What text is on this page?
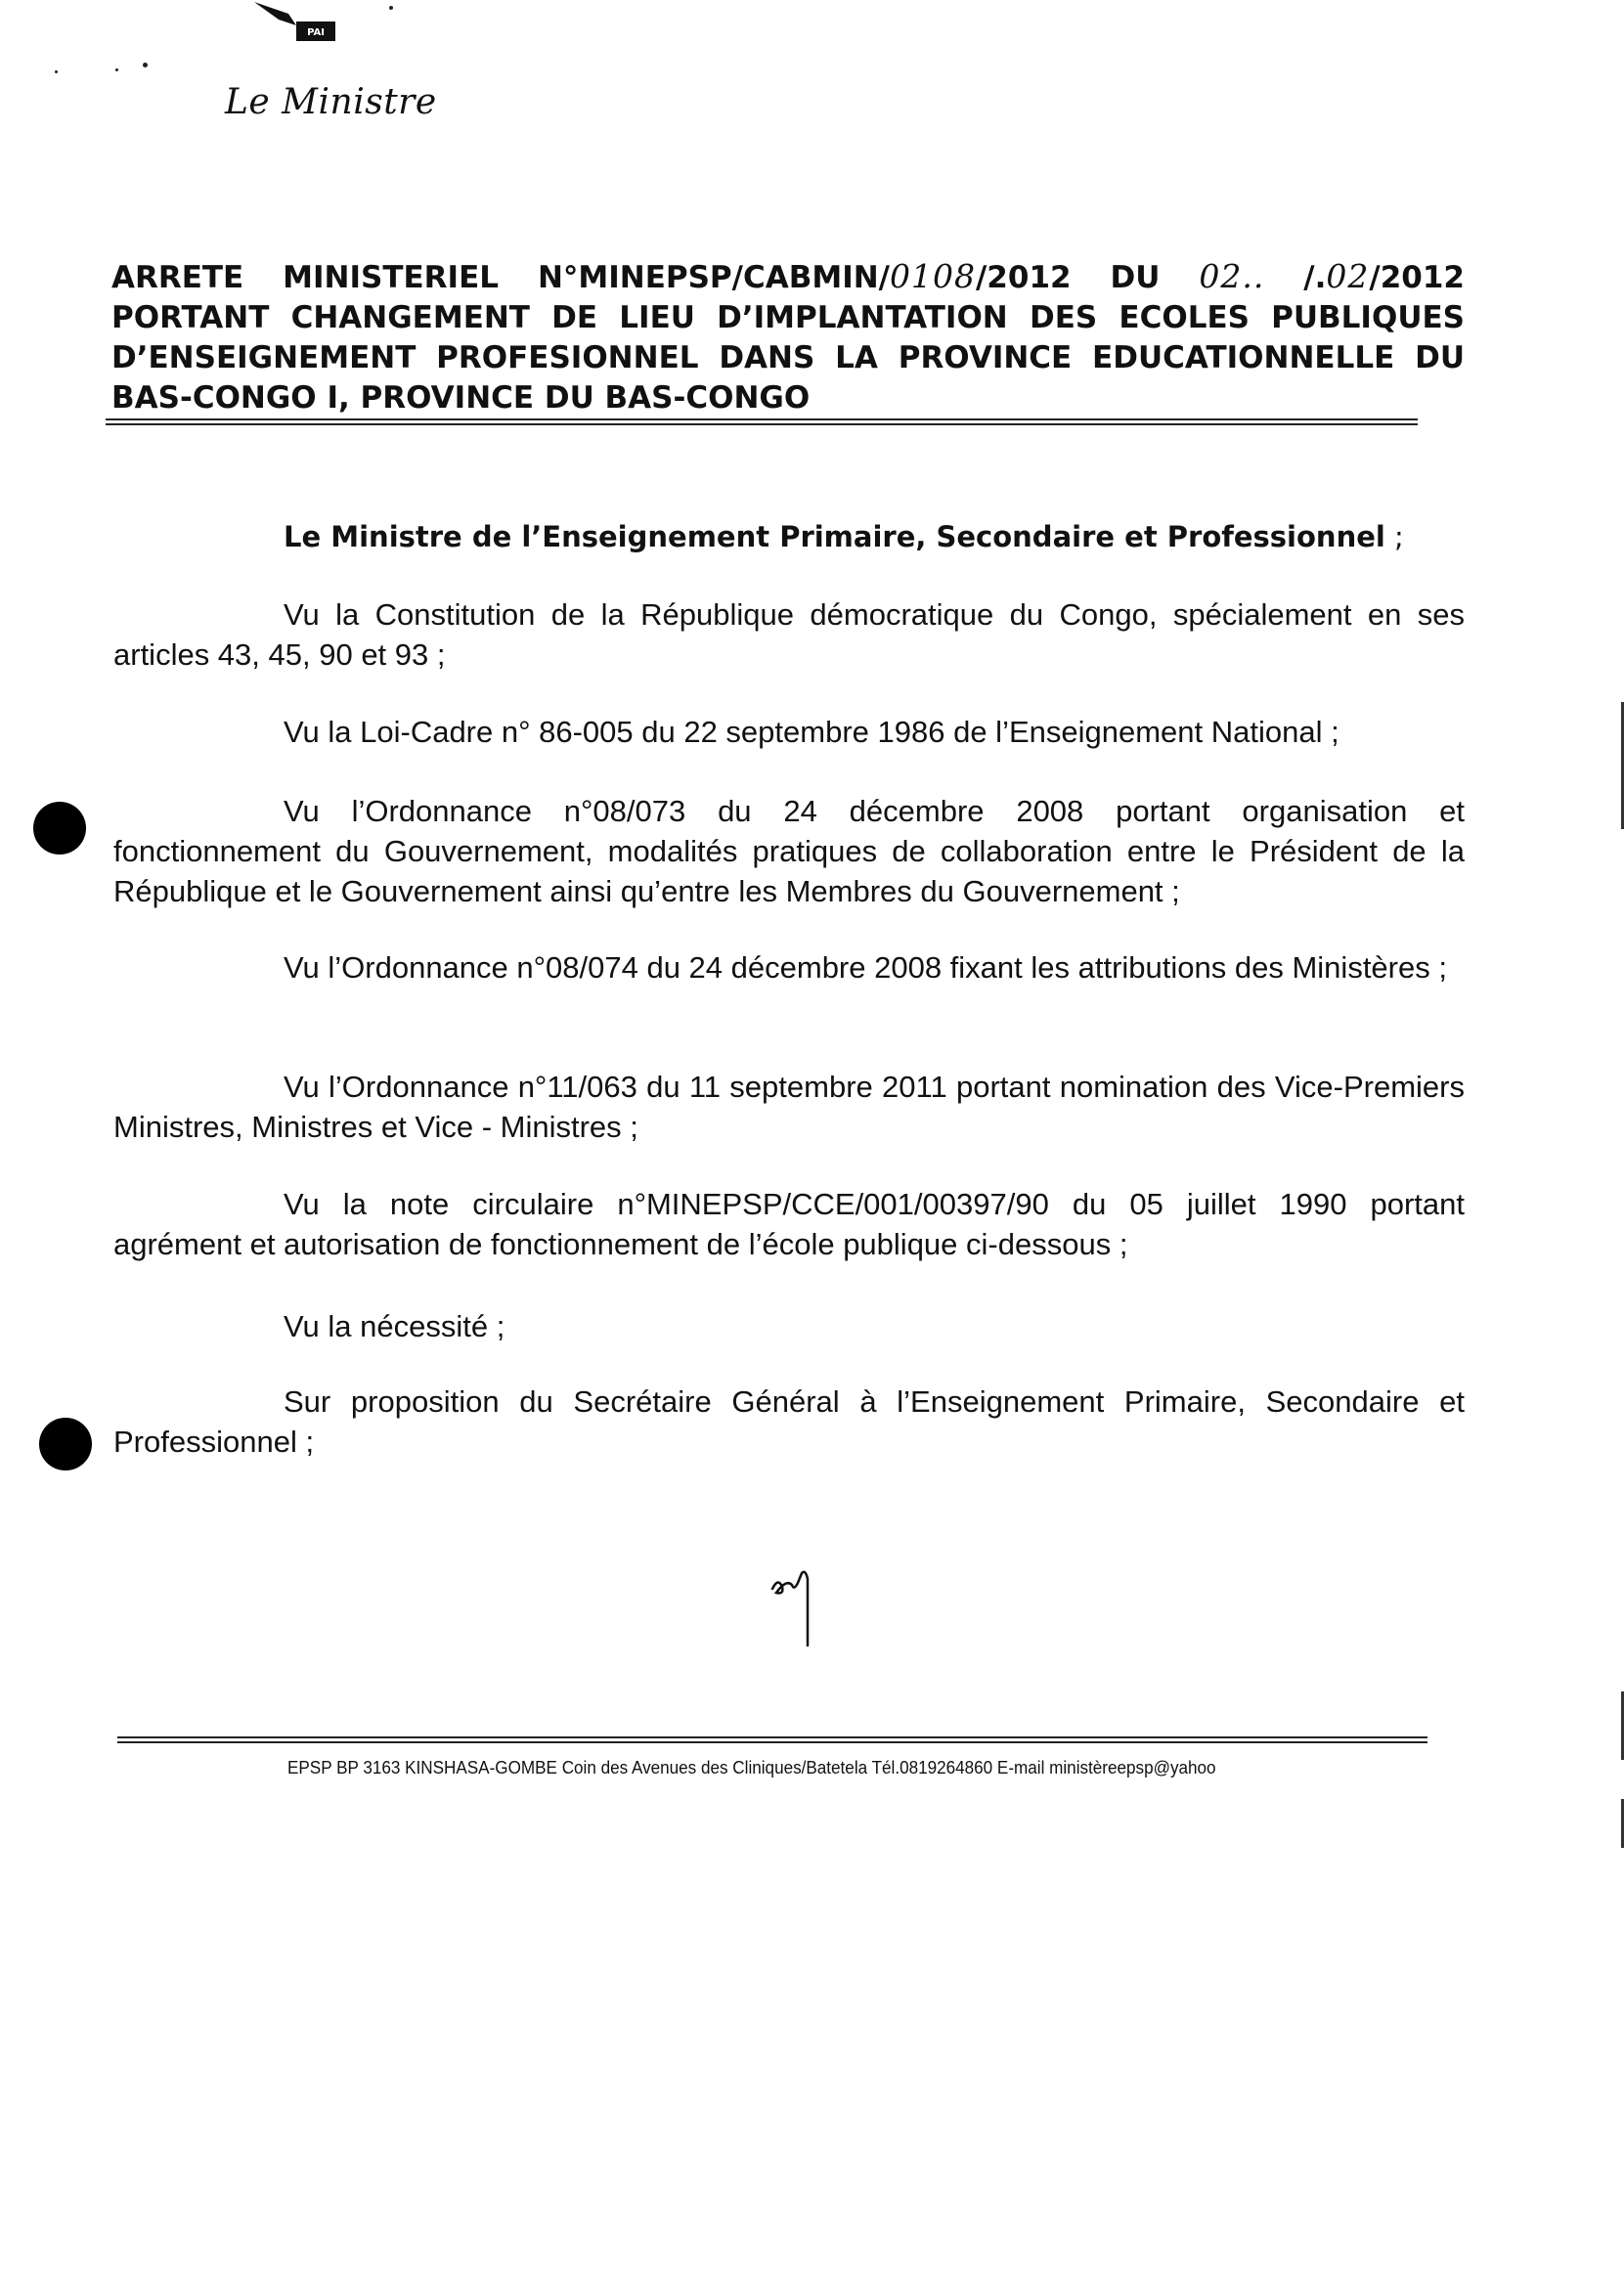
PAI
Le Ministre
ARRETE MINISTERIEL N°MINEPSP/CABMIN/0108/2012 DU 02.. /.02/2012
PORTANT CHANGEMENT DE LIEU D’IMPLANTATION DES ECOLES PUBLIQUES
D’ENSEIGNEMENT PROFESIONNEL DANS LA PROVINCE EDUCATIONNELLE DU
BAS-CONGO I, PROVINCE DU BAS-CONGO
Le Ministre de l’Enseignement Primaire, Secondaire et Professionnel ;
Vu la Constitution de la République démocratique du Congo, spécialement en ses articles 43, 45, 90 et 93 ;
Vu la Loi-Cadre n° 86-005 du 22 septembre 1986 de l’Enseignement National ;
Vu l’Ordonnance n°08/073 du 24 décembre 2008 portant organisation et fonctionnement du Gouvernement, modalités pratiques de collaboration entre le Président de la République et le Gouvernement ainsi qu’entre les Membres du Gouvernement ;
Vu l’Ordonnance n°08/074 du 24 décembre 2008 fixant les attributions des Ministères ;
Vu l’Ordonnance n°11/063 du 11 septembre 2011 portant nomination des Vice-Premiers Ministres, Ministres et Vice - Ministres ;
Vu la note circulaire n°MINEPSP/CCE/001/00397/90 du 05 juillet 1990 portant agrément et autorisation de fonctionnement de l’école publique ci-dessous ;
Vu la nécessité ;
Sur proposition du Secrétaire Général à l’Enseignement Primaire, Secondaire et Professionnel ;
EPSP BP 3163 KINSHASA-GOMBE Coin des Avenues des Cliniques/Batetela Tél.0819264860 E-mail ministèreepsp@yahoo
